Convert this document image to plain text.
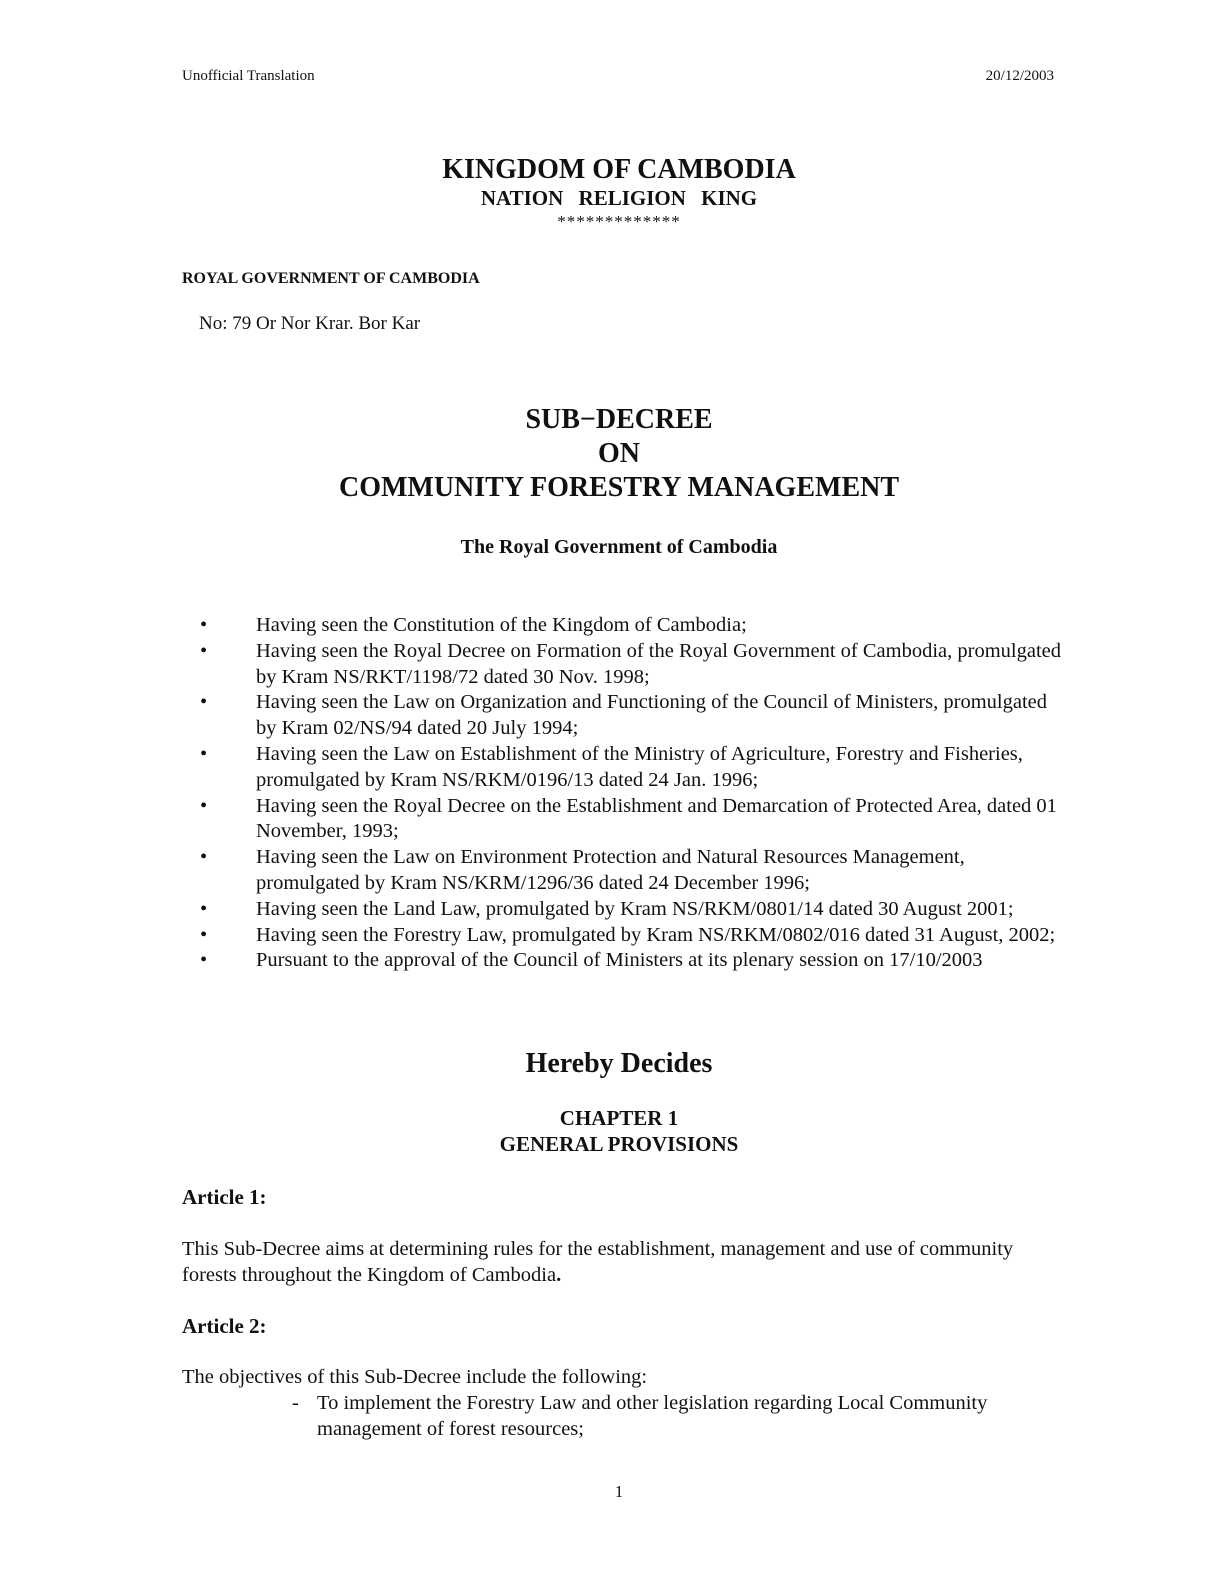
Unofficial Translation	20/12/2003
KINGDOM OF CAMBODIA
NATION RELIGION KING
*************
ROYAL GOVERNMENT OF CAMBODIA
No: 79 Or Nor Krar. Bor Kar
SUB−DECREE
ON
COMMUNITY FORESTRY MANAGEMENT
The Royal Government of Cambodia
• Having seen the Constitution of the Kingdom of Cambodia;
• Having seen the Royal Decree on Formation of the Royal Government of Cambodia, promulgated by Kram NS/RKT/1198/72 dated 30 Nov. 1998;
• Having seen the Law on Organization and Functioning of the Council of Ministers, promulgated by Kram 02/NS/94 dated 20 July 1994;
• Having seen the Law on Establishment of the Ministry of Agriculture, Forestry and Fisheries, promulgated by Kram NS/RKM/0196/13 dated 24 Jan. 1996;
• Having seen the Royal Decree on the Establishment and Demarcation of Protected Area, dated 01 November, 1993;
• Having seen the Law on Environment Protection and Natural Resources Management, promulgated by Kram NS/KRM/1296/36 dated 24 December 1996;
• Having seen the Land Law, promulgated by Kram NS/RKM/0801/14 dated 30 August 2001;
• Having seen the Forestry Law, promulgated by Kram NS/RKM/0802/016 dated 31 August, 2002;
• Pursuant to the approval of the Council of Ministers at its plenary session on 17/10/2003
Hereby Decides
CHAPTER 1
GENERAL PROVISIONS
Article 1:
This Sub-Decree aims at determining rules for the establishment, management and use of community forests throughout the Kingdom of Cambodia.
Article 2:
The objectives of this Sub-Decree include the following:
- To implement the Forestry Law and other legislation regarding Local Community management of forest resources;
1
